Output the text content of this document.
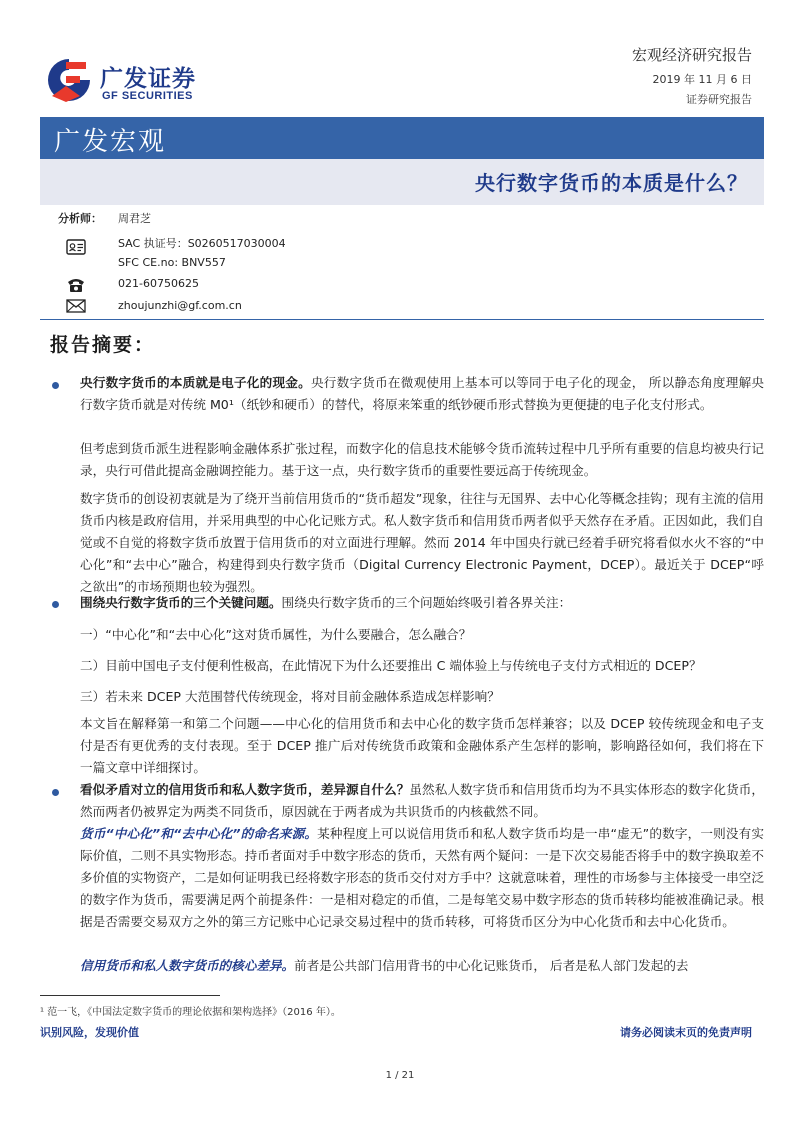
广发证券
GF SECURITIES
宏观经济研究报告
2019 年 11 月 6 日
证券研究报告
广发宏观
央行数字货币的本质是什么？
分析师： 周君芝
SAC 执证号：S0260517030004
SFC CE.no: BNV557
021-60750625
zhoujunzhi@gf.com.cn
报告摘要：
央行数字货币的本质就是电子化的现金。央行数字货币在微观使用上基本可以等同于电子化的现金， 所以静态角度理解央行数字货币就是对传统 M0¹（纸钞和硬币）的替代，将原来笨重的纸钞硬币形式替换为更便捷的电子化支付形式。
但考虑到货币派生进程影响金融体系扩张过程，而数字化的信息技术能够令货币流转过程中几乎所有重要的信息均被央行记录，央行可借此提高金融调控能力。基于这一点，央行数字货币的重要性要远高于传统现金。
数字货币的创设初衷就是为了绕开当前信用货币的“货币超发”现象，往往与无国界、去中心化等概念挂钩；现有主流的信用货币内核是政府信用，并采用典型的中心化记账方式。私人数字货币和信用货币两者似乎天然存在矛盾。正因如此，我们自觉或不自觉的将数字货币放置于信用货币的对立面进行理解。然而 2014 年中国央行就已经着手研究将看似水火不容的“中心化”和“去中心”融合，构建得到央行数字货币（Digital Currency Electronic Payment，DCEP）。最近关于 DCEP“呼之欲出”的市场预期也较为强烈。
围绕央行数字货币的三个关键问题。围绕央行数字货币的三个问题始终吸引着各界关注：
一）“中心化”和“去中心化”这对货币属性，为什么要融合，怎么融合？
二）目前中国电子支付便利性极高，在此情况下为什么还要推出 C 端体验上与传统电子支付方式相近的 DCEP？
三）若未来 DCEP 大范围替代传统现金，将对目前金融体系造成怎样影响？
本文旨在解释第一和第二个问题——中心化的信用货币和去中心化的数字货币怎样兼容；以及 DCEP 较传统现金和电子支付是否有更优秀的支付表现。至于 DCEP 推广后对传统货币政策和金融体系产生怎样的影响，影响路径如何，我们将在下一篇文章中详细探讨。
看似矛盾对立的信用货币和私人数字货币，差异源自什么？虽然私人数字货币和信用货币均为不具实体形态的数字化货币，然而两者仍被界定为两类不同货币，原因就在于两者成为共识货币的内核截然不同。
货币“中心化”和“去中心化”的命名来源。某种程度上可以说信用货币和私人数字货币均是一串“虚无”的数字，一则没有实际价值，二则不具实物形态。持币者面对手中数字形态的货币，天然有两个疑问：一是下次交易能否将手中的数字换取差不多价值的实物资产，二是如何证明我已经将数字形态的货币交付对方手中？这就意味着，理性的市场参与主体接受一串空泛的数字作为货币，需要满足两个前提条件：一是相对稳定的币值，二是每笔交易中数字形态的货币转移均能被准确记录。根据是否需要交易双方之外的第三方记账中心记录交易过程中的货币转移，可将货币区分为中心化货币和去中心化货币。
信用货币和私人数字货币的核心差异。前者是公共部门信用背书的中心化记账货币， 后者是私人部门发起的去
¹ 范一飞，《中国法定数字货币的理论依据和架构选择》（2016 年）。
识别风险，发现价值	请务必阅读末页的免责声明
1 / 21
